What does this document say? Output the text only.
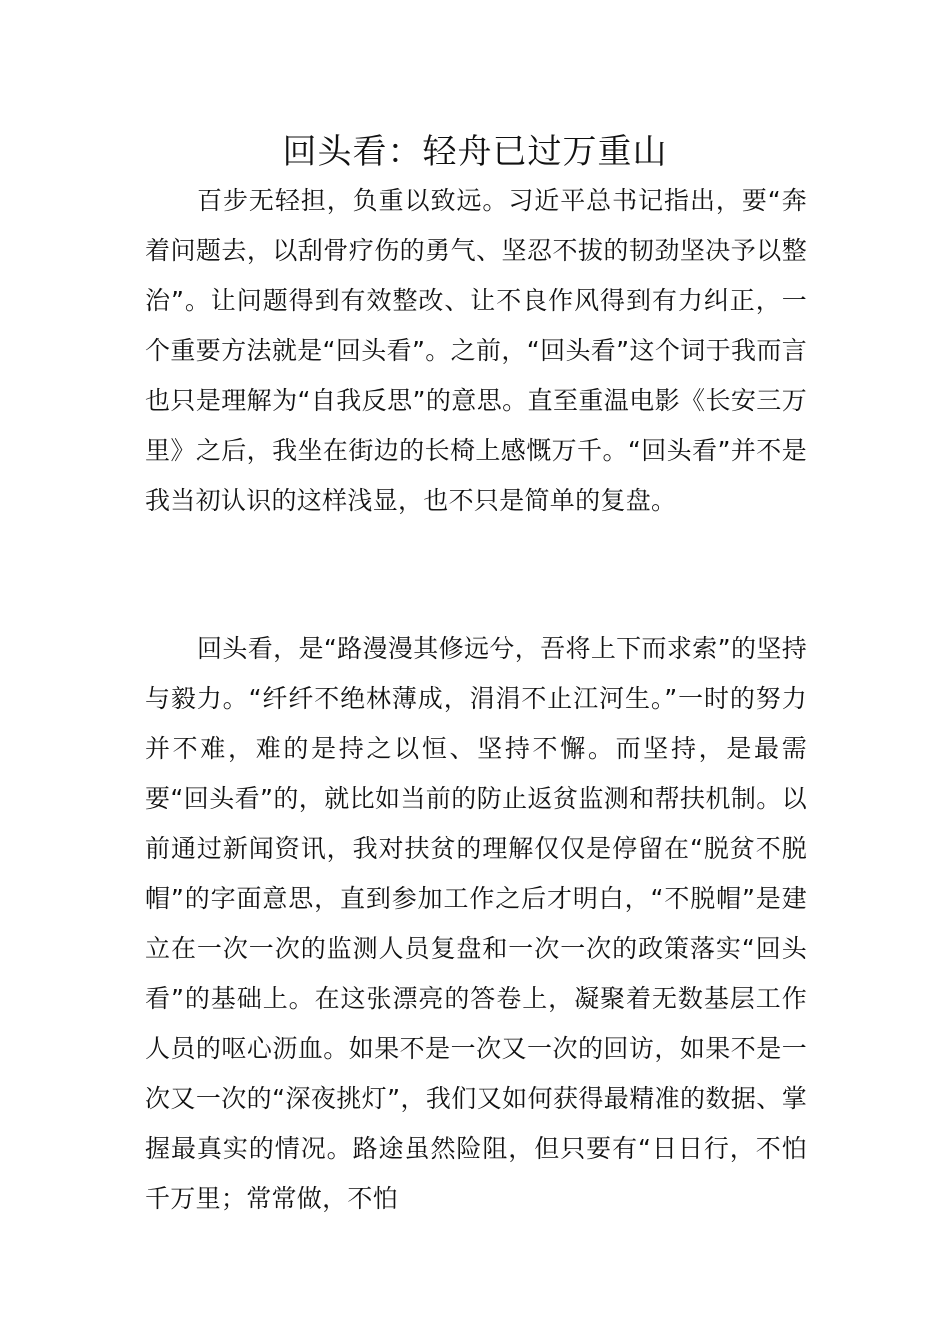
回头看：轻舟已过万重山

百步无轻担，负重以致远。习近平总书记指出，要“奔着问题去，以刮骨疗伤的勇气、坚忍不拔的韧劲坚决予以整治”。让问题得到有效整改、让不良作风得到有力纠正，一个重要方法就是“回头看”。之前，“回头看”这个词于我而言也只是理解为“自我反思”的意思。直至重温电影《长安三万里》之后，我坐在街边的长椅上感慨万千。“回头看”并不是我当初认识的这样浅显，也不只是简单的复盘。

回头看，是“路漫漫其修远兮，吾将上下而求索”的坚持与毅力。“纤纤不绝林薄成，涓涓不止江河生。”一时的努力并不难，难的是持之以恒、坚持不懈。而坚持，是最需要“回头看”的，就比如当前的防止返贫监测和帮扶机制。以前通过新闻资讯，我对扶贫的理解仅仅是停留在“脱贫不脱帽”的字面意思，直到参加工作之后才明白，“不脱帽”是建立在一次一次的监测人员复盘和一次一次的政策落实“回头看”的基础上。在这张漂亮的答卷上，凝聚着无数基层工作人员的呕心沥血。如果不是一次又一次的回访，如果不是一次又一次的“深夜挑灯”，我们又如何获得最精准的数据、掌握最真实的情况。路途虽然险阻，但只要有“日日行，不怕千万里；常常做，不怕
